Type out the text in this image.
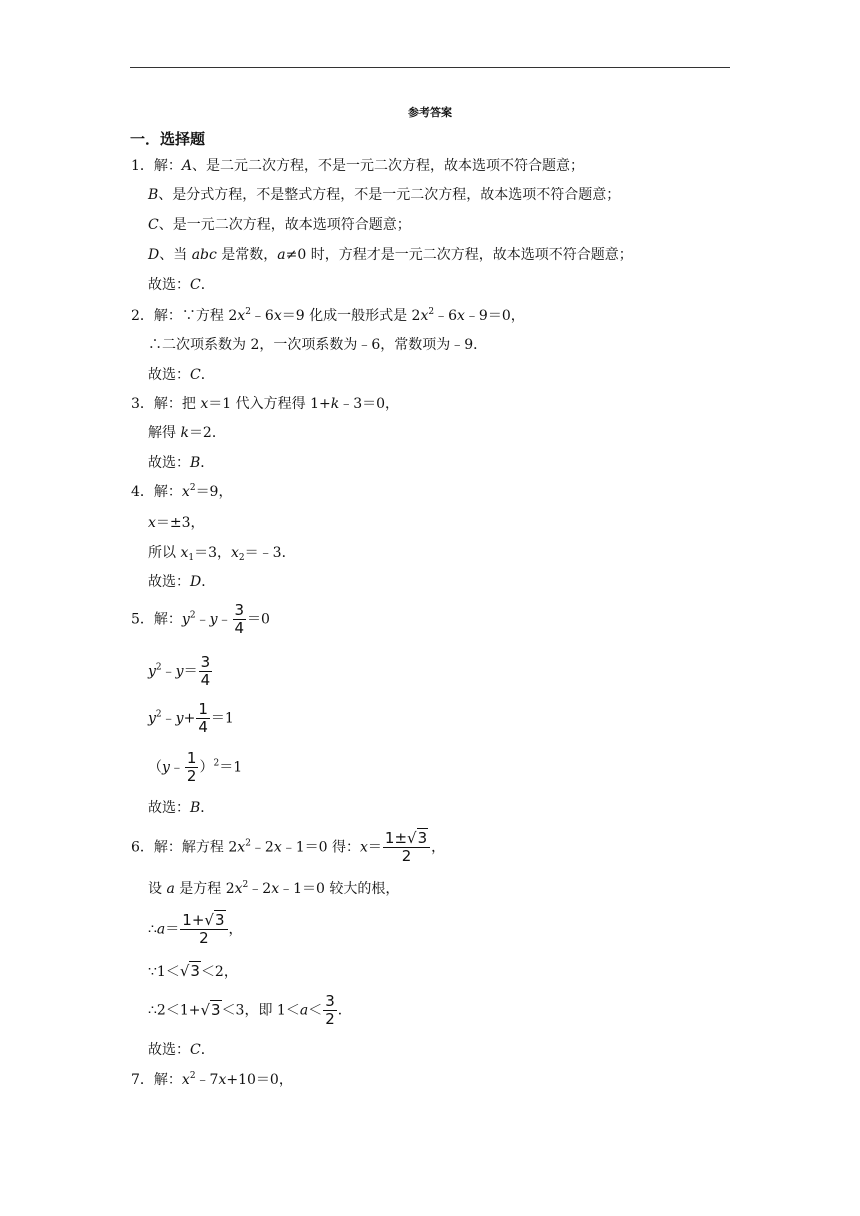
参考答案
一．选择题
1．解：A、是二元二次方程，不是一元二次方程，故本选项不符合题意；
B、是分式方程，不是整式方程，不是一元二次方程，故本选项不符合题意；
C、是一元二次方程，故本选项符合题意；
D、当 abc 是常数，a≠0 时，方程才是一元二次方程，故本选项不符合题意；
故选：C．
2．解：∵方程 $2x^2﹣6x=9$ 化成一般形式是 $2x^2﹣6x﹣9=0$，
∴二次项系数为 2，一次项系数为﹣6，常数项为﹣9．
故选：C．
3．解：把 x＝1 代入方程得 1+k﹣3＝0，
解得 k＝2．
故选：B．
4．解：$x^2=9$，
x＝±3，
所以 $x_1=3$，$x_2=﹣3$．
故选：D．
5．解：$y^2﹣y﹣ \frac{3}{4} =0$
$y^2﹣y= \frac{3}{4}$
$y^2﹣y+ \frac{1}{4} =1$
（y﹣ $\frac{1}{2} )^2=1$
故选：B．
6．解：解方程 $2x^2﹣2x﹣1=0$ 得：$x= \frac{1\pm√3}{2}$ ，
设 a 是方程 $2x^2﹣2x﹣1=0$ 较大的根，
∴a＝ $\frac{1+√3}{2}$ ，
∵1＜√3＜2，
∴2＜1+√3＜3，即 $1<a< \frac{3}{2}$ ．
故选：C．
7．解：$x^2﹣7x+10=0$，
